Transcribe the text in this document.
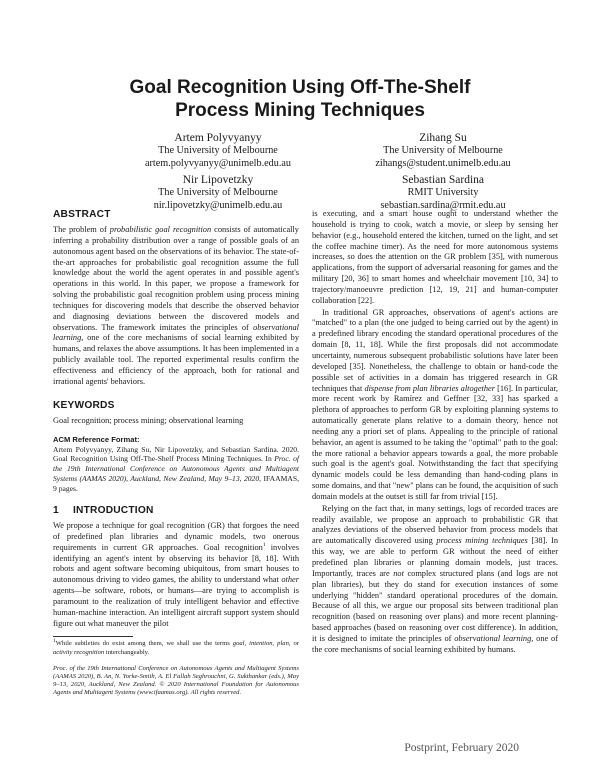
Goal Recognition Using Off-The-Shelf
Process Mining Techniques
Artem Polyvyanyy
The University of Melbourne
artem.polyvyanyy@unimelb.edu.au
Zihang Su
The University of Melbourne
zihangs@student.unimelb.edu.au
Nir Lipovetzky
The University of Melbourne
nir.lipovetzky@unimelb.edu.au
Sebastian Sardina
RMIT University
sebastian.sardina@rmit.edu.au
ABSTRACT

The problem of probabilistic goal recognition consists of automatically inferring a probability distribution over a range of possible goals of an autonomous agent based on the observations of its behavior. The state-of-the-art approaches for probabilistic goal recognition assume the full knowledge about the world the agent operates in and possible agent's operations in this world. In this paper, we propose a framework for solving the probabilistic goal recognition problem using process mining techniques for discovering models that describe the observed behavior and diagnosing deviations between the discovered models and observations. The framework imitates the principles of observational learning, one of the core mechanisms of social learning exhibited by humans, and relaxes the above assumptions. It has been implemented in a publicly available tool. The reported experimental results confirm the effectiveness and efficiency of the approach, both for rational and irrational agents' behaviors.

KEYWORDS

Goal recognition; process mining; observational learning

ACM Reference Format:

Artem Polyvyanyy, Zihang Su, Nir Lipovetzky, and Sebastian Sardina. 2020. Goal Recognition Using Off-The-Shelf Process Mining Techniques. In Proc. of the 19th International Conference on Autonomous Agents and Multiagent Systems (AAMAS 2020), Auckland, New Zealand, May 9–13, 2020, IFAAMAS, 9 pages.

1 INTRODUCTION

We propose a technique for goal recognition (GR) that forgoes the need of predefined plan libraries and dynamic models, two onerous requirements in current GR approaches. Goal recognition$^1$ involves identifying an agent's intent by observing its behavior [8, 18]. With robots and agent software becoming ubiquitous, from smart houses to autonomous driving to video games, the ability to understand what other agents—be software, robots, or humans—are trying to accomplish is paramount to the realization of truly intelligent behavior and effective human-machine interaction. An intelligent aircraft support system should figure out what maneuver the pilot

$^1$While subtleties do exist among them, we shall use the terms goal, intention, plan, or activity recognition interchangeably.

Proc. of the 19th International Conference on Autonomous Agents and Multiagent Systems (AAMAS 2020), B. An, N. Yorke-Smith, A. El Fallah Seghrouchni, G. Sukthankar (eds.), May 9–13, 2020, Auckland, New Zealand. © 2020 International Foundation for Autonomous Agents and Multiagent Systems (www.ifaamas.org). All rights reserved.

is executing, and a smart house ought to understand whether the household is trying to cook, watch a movie, or sleep by sensing her behavior (e.g., household entered the kitchen, turned on the light, and set the coffee machine timer). As the need for more autonomous systems increases, so does the attention on the GR problem [35], with numerous applications, from the support of adversarial reasoning for games and the military [20, 36] to smart homes and wheelchair movement [10, 34] to trajectory/manoeuvre prediction [12, 19, 21] and human-computer collaboration [22].

In traditional GR approaches, observations of agent's actions are "matched" to a plan (the one judged to being carried out by the agent) in a predefined library encoding the standard operational procedures of the domain [8, 11, 18]. While the first proposals did not accommodate uncertainty, numerous subsequent probabilistic solutions have later been developed [35]. Nonetheless, the challenge to obtain or hand-code the possible set of activities in a domain has triggered research in GR techniques that dispense from plan libraries altogether [16]. In particular, more recent work by Ramírez and Geffner [32, 33] has sparked a plethora of approaches to perform GR by exploiting planning systems to automatically generate plans relative to a domain theory, hence not needing any a priori set of plans. Appealing to the principle of rational behavior, an agent is assumed to be taking the "optimal" path to the goal: the more rational a behavior appears towards a goal, the more probable such goal is the agent's goal. Notwithstanding the fact that specifying dynamic models could be less demanding than hand-coding plans in some domains, and that "new" plans can be found, the acquisition of such domain models at the outset is still far from trivial [15].

Relying on the fact that, in many settings, logs of recorded traces are readily available, we propose an approach to probabilistic GR that analyzes deviations of the observed behavior from process models that are automatically discovered using process mining techniques [38]. In this way, we are able to perform GR without the need of either predefined plan libraries or planning domain models, just traces. Importantly, traces are not complex structured plans (and logs are not plan libraries), but they do stand for execution instances of some underlying "hidden" standard operational procedures of the domain. Because of all this, we argue our proposal sits between traditional plan recognition (based on reasoning over plans) and more recent planning-based approaches (based on reasoning over cost difference). In addition, it is designed to imitate the principles of observational learning, one of the core mechanisms of social learning exhibited by humans.

Postprint, February 2020
